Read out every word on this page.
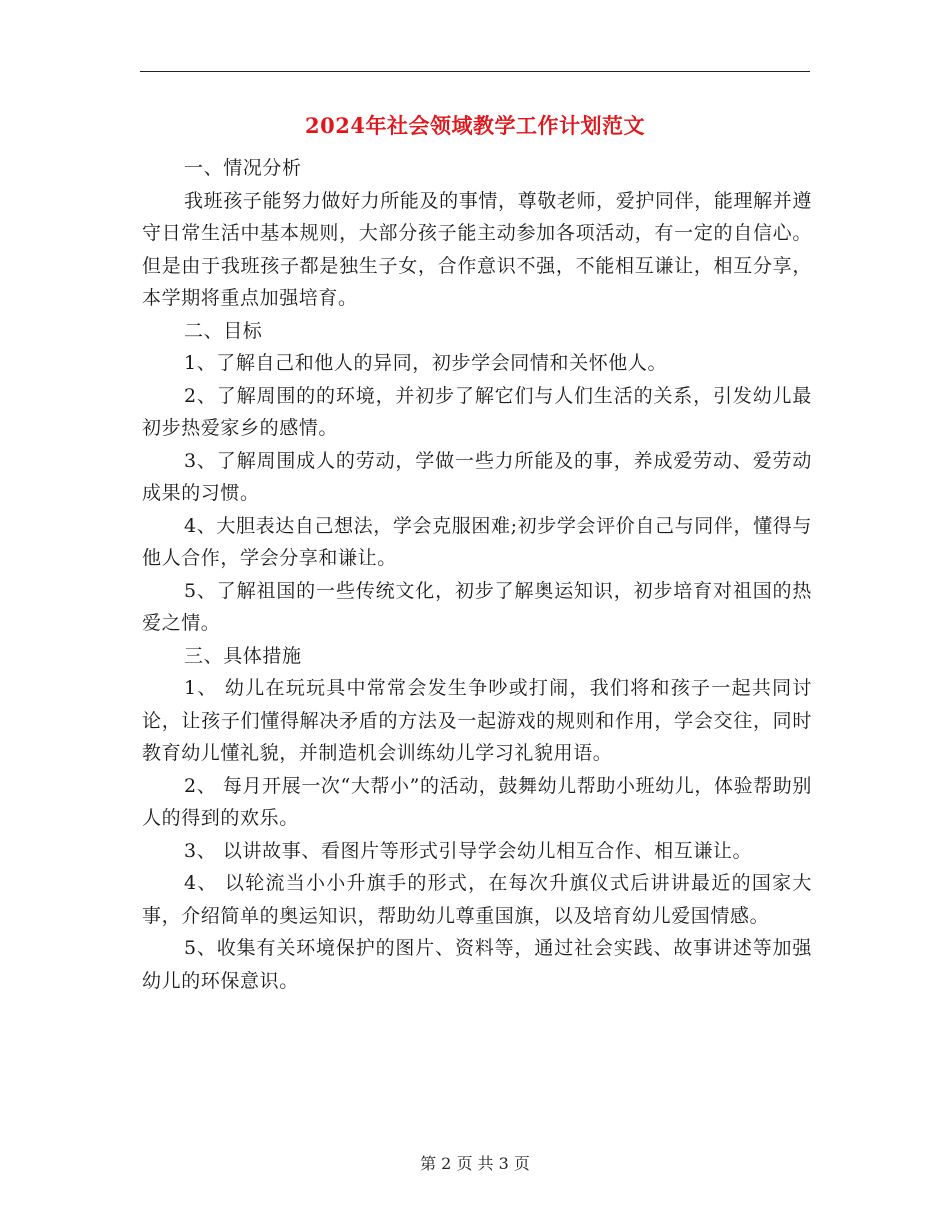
2024年社会领域教学工作计划范文

一、情况分析

我班孩子能努力做好力所能及的事情，尊敬老师，爱护同伴，能理解并遵守日常生活中基本规则，大部分孩子能主动参加各项活动，有一定的自信心。但是由于我班孩子都是独生子女，合作意识不强，不能相互谦让，相互分享，本学期将重点加强培育。

二、目标

1、了解自己和他人的异同，初步学会同情和关怀他人。

2、了解周围的的环境，并初步了解它们与人们生活的关系，引发幼儿最初步热爱家乡的感情。

3、了解周围成人的劳动，学做一些力所能及的事，养成爱劳动、爱劳动成果的习惯。

4、大胆表达自己想法，学会克服困难;初步学会评价自己与同伴，懂得与他人合作，学会分享和谦让。

5、了解祖国的一些传统文化，初步了解奥运知识，初步培育对祖国的热爱之情。

三、具体措施

1、 幼儿在玩玩具中常常会发生争吵或打闹，我们将和孩子一起共同讨论，让孩子们懂得解决矛盾的方法及一起游戏的规则和作用，学会交往，同时教育幼儿懂礼貌，并制造机会训练幼儿学习礼貌用语。

2、 每月开展一次“大帮小”的活动，鼓舞幼儿帮助小班幼儿，体验帮助别人的得到的欢乐。

3、 以讲故事、看图片等形式引导学会幼儿相互合作、相互谦让。

4、 以轮流当小小升旗手的形式，在每次升旗仪式后讲讲最近的国家大事，介绍简单的奥运知识，帮助幼儿尊重国旗，以及培育幼儿爱国情感。

5、收集有关环境保护的图片、资料等，通过社会实践、故事讲述等加强幼儿的环保意识。

第 2 页 共 3 页
